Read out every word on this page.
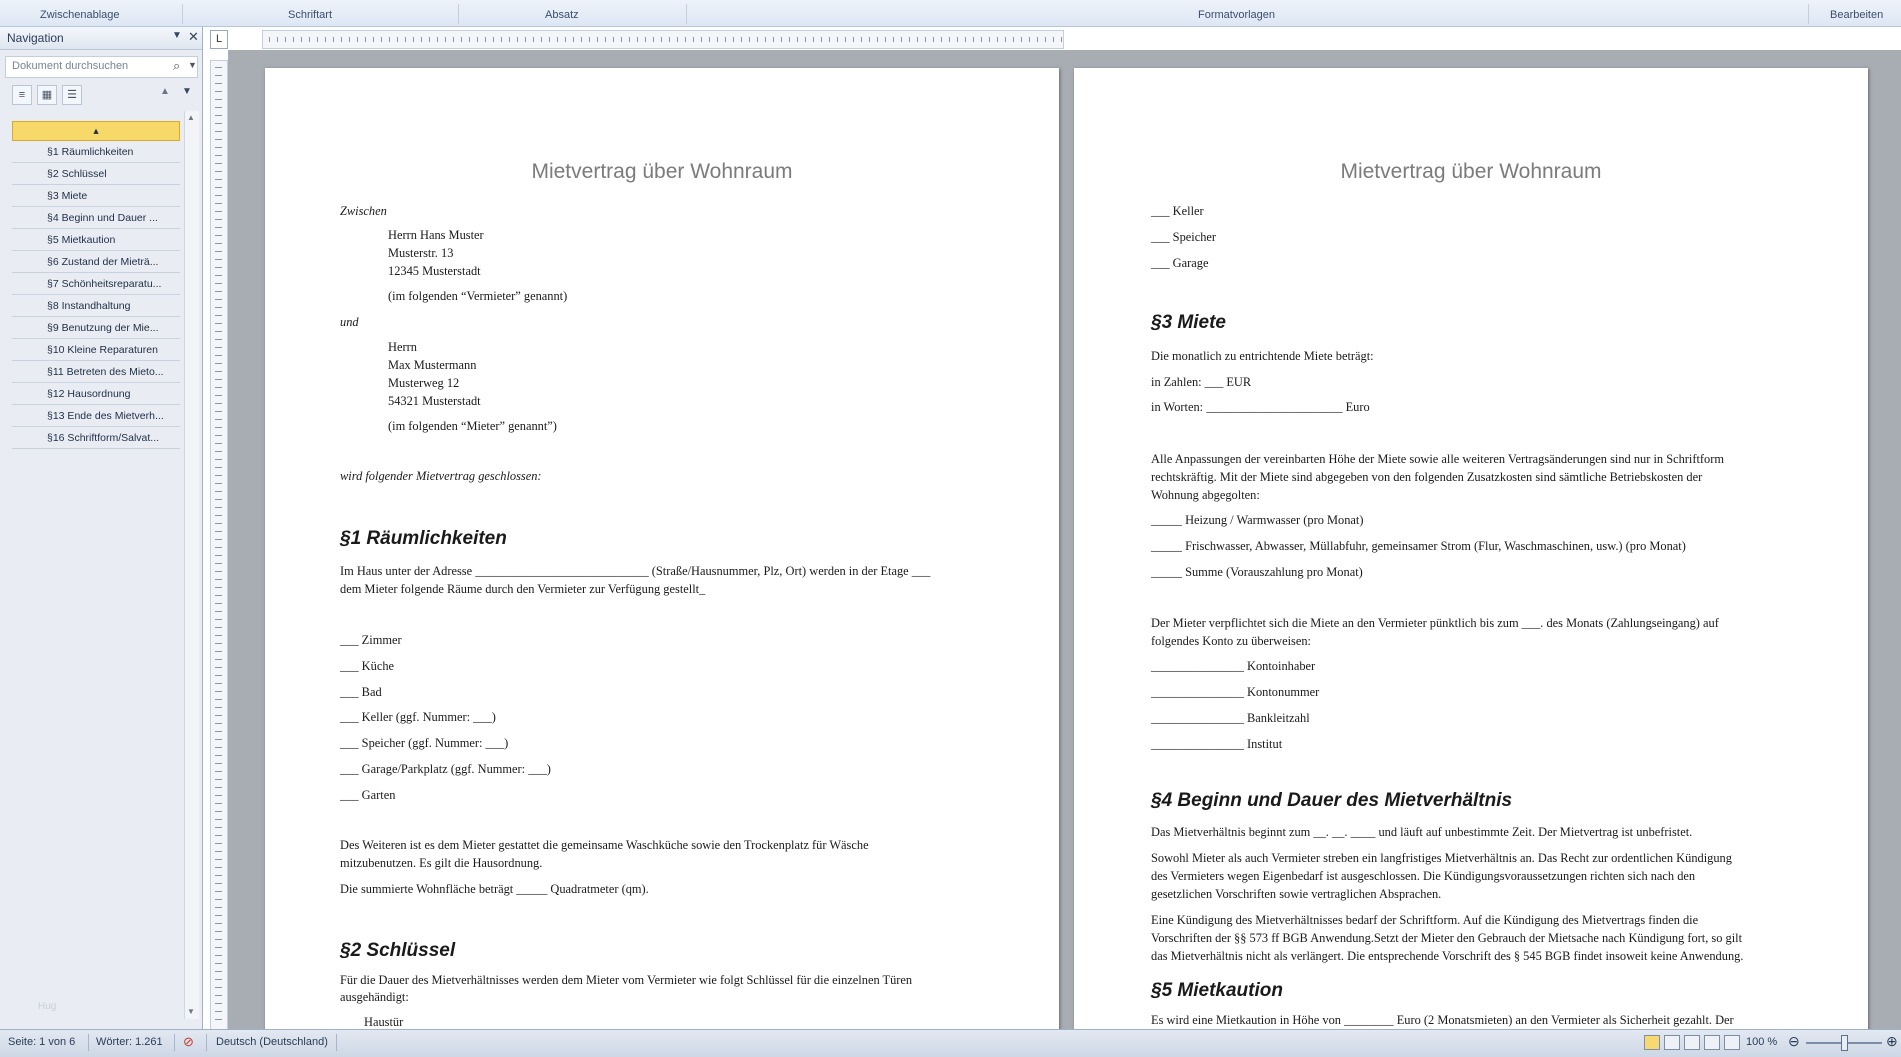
Zwischenablage	Schriftart	Absatz	Formatvorlagen	Bearbeiten
Navigation	▼ ✕
Dokument durchsuchen	⌕ ▼
≡	▦	☰	▲ ▼
▴
§1 Räumlichkeiten
§2 Schlüssel
§3 Miete
§4 Beginn und Dauer ...
§5 Mietkaution
§6 Zustand der Mieträ...
§7 Schönheitsreparatu...
§8 Instandhaltung
§9 Benutzung der Mie...
§10 Kleine Reparaturen
§11 Betreten des Mieto...
§12 Hausordnung
§13 Ende des Mietverh...
§16 Schriftform/Salvat...
▲
▼
Hug
L
Mietvertrag über Wohnraum
Zwischen
Herrn Hans Muster
Musterstr. 13
12345 Musterstadt
(im folgenden “Vermieter” genannt)
und
Herrn
Max Mustermann
Musterweg 12
54321 Musterstadt
(im folgenden “Mieter” genannt”)
wird folgender Mietvertrag geschlossen:
§1 Räumlichkeiten
Im Haus unter der Adresse ____________________________ (Straße/Hausnummer, Plz, Ort) werden in der Etage ___
dem Mieter folgende Räume durch den Vermieter zur Verfügung gestellt_
___ Zimmer
___ Küche
___ Bad
___ Keller (ggf. Nummer: ___)
___ Speicher (ggf. Nummer: ___)
___ Garage/Parkplatz (ggf. Nummer: ___)
___ Garten
Des Weiteren ist es dem Mieter gestattet die gemeinsame Waschküche sowie den Trockenplatz für Wäsche
mitzubenutzen. Es gilt die Hausordnung.
Die summierte Wohnfläche beträgt _____ Quadratmeter (qm).
§2 Schlüssel
Für die Dauer des Mietverhältnisses werden dem Mieter vom Vermieter wie folgt Schlüssel für die einzelnen Türen
ausgehändigt:
Haustür
Mietvertrag über Wohnraum
___ Keller
___ Speicher
___ Garage
§3 Miete
Die monatlich zu entrichtende Miete beträgt:
in Zahlen: ___ EUR
in Worten: ______________________ Euro
Alle Anpassungen der vereinbarten Höhe der Miete sowie alle weiteren Vertragsänderungen sind nur in Schriftform
rechtskräftig. Mit der Miete sind abgegeben von den folgenden Zusatzkosten sind sämtliche Betriebskosten der
Wohnung abgegolten:
_____ Heizung / Warmwasser (pro Monat)
_____ Frischwasser, Abwasser, Müllabfuhr, gemeinsamer Strom (Flur, Waschmaschinen, usw.) (pro Monat)
_____ Summe (Vorauszahlung pro Monat)
Der Mieter verpflichtet sich die Miete an den Vermieter pünktlich bis zum ___. des Monats (Zahlungseingang) auf
folgendes Konto zu überweisen:
_______________ Kontoinhaber
_______________ Kontonummer
_______________ Bankleitzahl
_______________ Institut
§4 Beginn und Dauer des Mietverhältnis
Das Mietverhältnis beginnt zum __. __. ____ und läuft auf unbestimmte Zeit. Der Mietvertrag ist unbefristet.
Sowohl Mieter als auch Vermieter streben ein langfristiges Mietverhältnis an. Das Recht zur ordentlichen Kündigung
des Vermieters wegen Eigenbedarf ist ausgeschlossen. Die Kündigungsvoraussetzungen richten sich nach den
gesetzlichen Vorschriften sowie vertraglichen Absprachen.
Eine Kündigung des Mietverhältnisses bedarf der Schriftform. Auf die Kündigung des Mietvertrags finden die
Vorschriften der §§ 573 ff BGB Anwendung.Setzt der Mieter den Gebrauch der Mietsache nach Kündigung fort, so gilt
das Mietverhältnis nicht als verlängert. Die entsprechende Vorschrift des § 545 BGB findet insoweit keine Anwendung.
§5 Mietkaution
Es wird eine Mietkaution in Höhe von ________ Euro (2 Monatsmieten) an den Vermieter als Sicherheit gezahlt. Der
Seite: 1 von 6 Wörter: 1.261 ⊘ Deutsch (Deutschland)	100 % ⊖	⊕
